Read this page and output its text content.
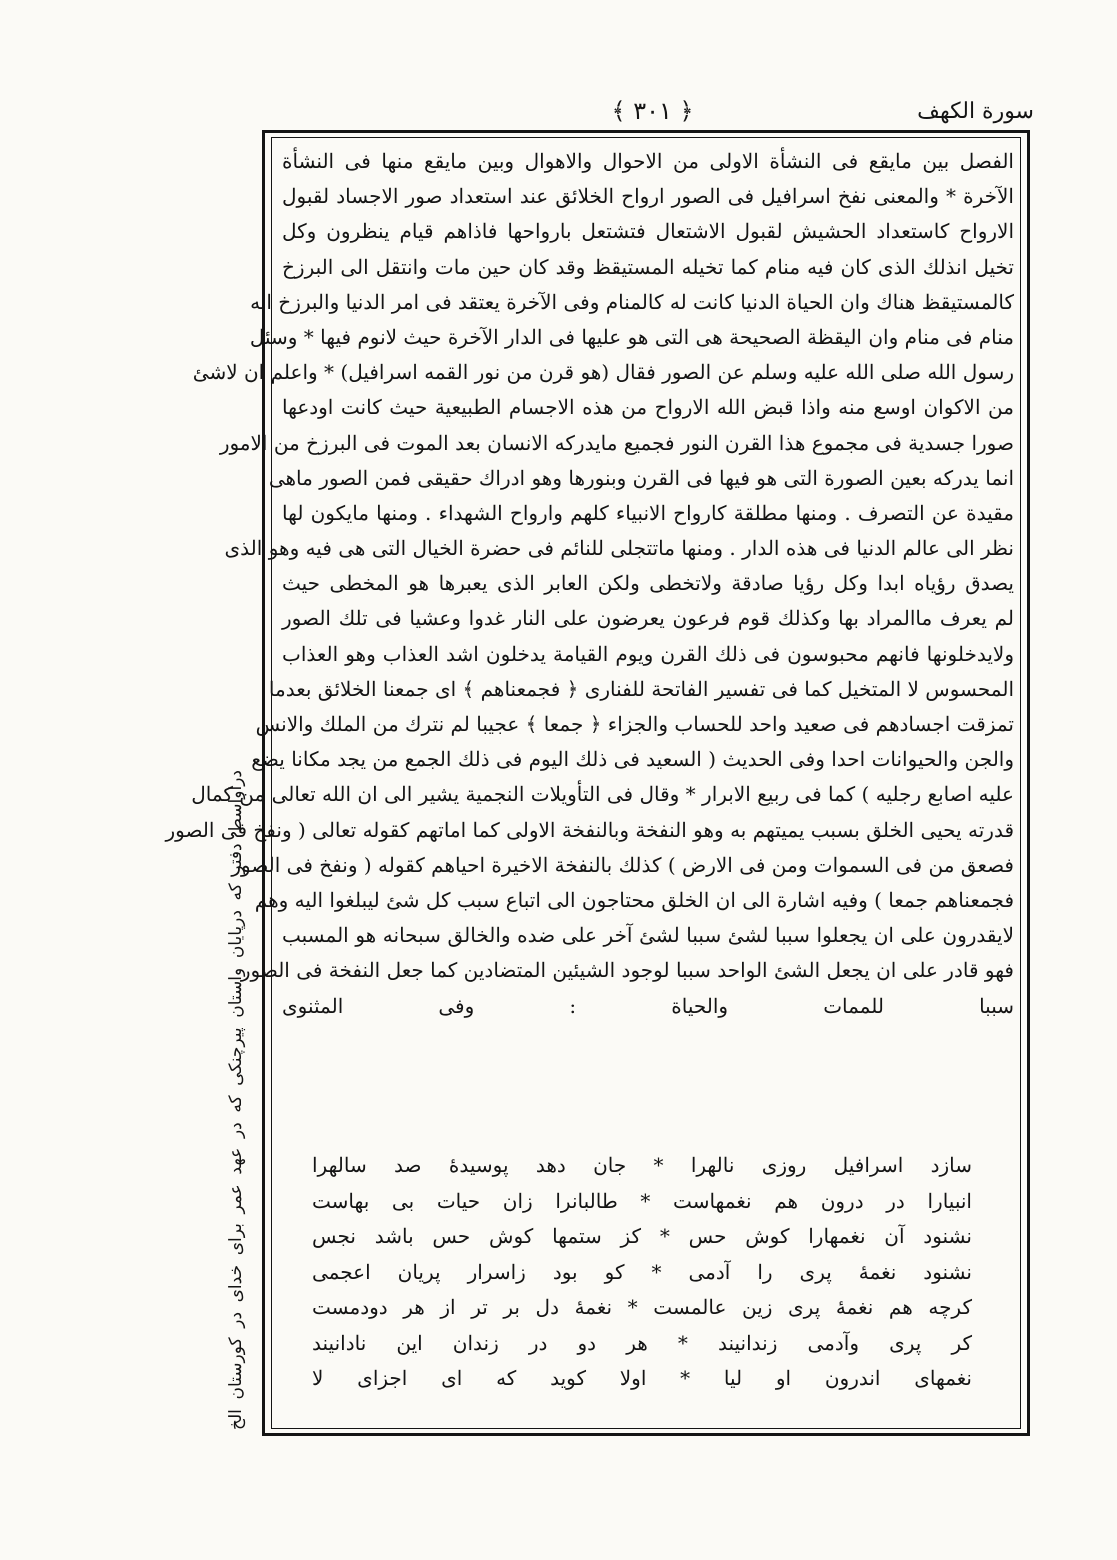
سورة الكهف
﴿ ٣٠١ ﴾
دراواسط دفتر كه درپايان واستان پيرچنكى كه در عهد عمر براى خداى در كورستان الخ
الفصل بين مايقع فى النشأة الاولى من الاحوال والاهوال وبين مايقع منها فى النشأة
الآخرة * والمعنى نفخ اسرافيل فى الصور ارواح الخلائق عند استعداد صور الاجساد لقبول
الارواح كاستعداد الحشيش لقبول الاشتعال فتشتعل بارواحها فاذاهم قيام ينظرون وكل
تخيل انذلك الذى كان فيه منام كما تخيله المستيقظ وقد كان حين مات وانتقل الى البرزخ
كالمستيقظ هناك وان الحياة الدنيا كانت له كالمنام وفى الآخرة يعتقد فى امر الدنيا والبرزخ انه
منام فى منام وان اليقظة الصحيحة هى التى هو عليها فى الدار الآخرة حيث لانوم فيها * وسئل
رسول الله صلى الله عليه وسلم عن الصور فقال (هو قرن من نور القمه اسرافيل) * واعلم ان لاشئ
من الاكوان اوسع منه واذا قبض الله الارواح من هذه الاجسام الطبيعية حيث كانت اودعها
صورا جسدية فى مجموع هذا القرن النور فجميع مايدركه الانسان بعد الموت فى البرزخ من الامور
انما يدركه بعين الصورة التى هو فيها فى القرن وبنورها وهو ادراك حقيقى فمن الصور ماهى
مقيدة عن التصرف . ومنها مطلقة كارواح الانبياء كلهم وارواح الشهداء . ومنها مايكون لها
نظر الى عالم الدنيا فى هذه الدار . ومنها ماتتجلى للنائم فى حضرة الخيال التى هى فيه وهو الذى
يصدق رؤياه ابدا وكل رؤيا صادقة ولاتخطى ولكن العابر الذى يعبرها هو المخطى حيث
لم يعرف ماالمراد بها وكذلك قوم فرعون يعرضون على النار غدوا وعشيا فى تلك الصور
ولايدخلونها فانهم محبوسون فى ذلك القرن ويوم القيامة يدخلون اشد العذاب وهو العذاب
المحسوس لا المتخيل كما فى تفسير الفاتحة للفنارى ﴿ فجمعناهم ﴾ اى جمعنا الخلائق بعدما
تمزقت اجسادهم فى صعيد واحد للحساب والجزاء ﴿ جمعا ﴾ عجيبا لم نترك من الملك والانس
والجن والحيوانات احدا وفى الحديث ( السعيد فى ذلك اليوم فى ذلك الجمع من يجد مكانا يضع
عليه اصابع رجليه ) كما فى ربيع الابرار * وقال فى التأويلات النجمية يشير الى ان الله تعالى من كمال
قدرته يحيى الخلق بسبب يميتهم به وهو النفخة وبالنفخة الاولى كما اماتهم كقوله تعالى ( ونفخ فى الصور
فصعق من فى السموات ومن فى الارض ) كذلك بالنفخة الاخيرة احياهم كقوله ( ونفخ فى الصور
فجمعناهم جمعا ) وفيه اشارة الى ان الخلق محتاجون الى اتباع سبب كل شئ ليبلغوا اليه وهم
لايقدرون على ان يجعلوا سببا لشئ سببا لشئ آخر على ضده والخالق سبحانه هو المسبب
فهو قادر على ان يجعل الشئ الواحد سببا لوجود الشيئين المتضادين كما جعل النفخة فى الصور
سببا للممات والحياة : وفى المثنوى
سازد اسرافيل روزى نالهرا * جان دهد پوسيدهٔ صد سالهرا
انبيارا در درون هم نغمهاست * طالبانرا زان حيات بى بهاست
نشنود آن نغمهارا كوش حس * كز ستمها كوش حس باشد نجس
نشنود نغمهٔ پرى را آدمى * كو بود زاسرار پريان اعجمى
كرچه هم نغمهٔ پرى زين عالمست * نغمهٔ دل بر تر از هر دودمست
كر پرى وآدمى زندانيند * هر دو در زندان اين نادانيند
نغمهاى اندرون او ليا * اولا كويد كه اى اجزاى لا
